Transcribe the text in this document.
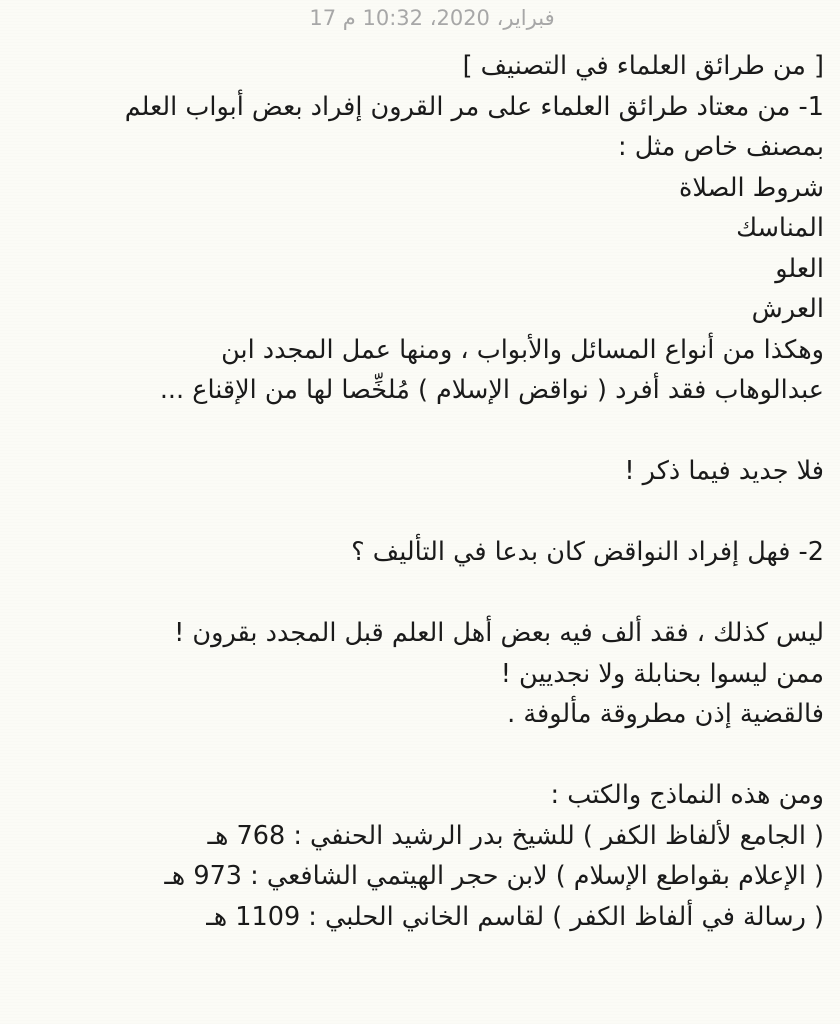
17 فبراير، 2020، 10:32 م
[ من طرائق العلماء في التصنيف ]
1- من معتاد طرائق العلماء على مر القرون إفراد بعض أبواب العلم
بمصنف خاص مثل :
شروط الصلاة
المناسك
العلو
العرش
وهكذا من أنواع المسائل والأبواب ، ومنها عمل المجدد ابن
عبدالوهاب فقد أفرد ( نواقض الإسلام ) مُلخِّصا لها من الإقناع ...
فلا جديد فيما ذكر !
2- فهل إفراد النواقض كان بدعا في التأليف ؟
ليس كذلك ، فقد ألف فيه بعض أهل العلم قبل المجدد بقرون !
ممن ليسوا بحنابلة ولا نجديين !
فالقضية إذن مطروقة مألوفة .
ومن هذه النماذج والكتب :
( الجامع لألفاظ الكفر ) للشيخ بدر الرشيد الحنفي : 768 هـ
( الإعلام بقواطع الإسلام ) لابن حجر الهيتمي الشافعي : 973 هـ
( رسالة في ألفاظ الكفر ) لقاسم الخاني الحلبي : 1109 هـ
